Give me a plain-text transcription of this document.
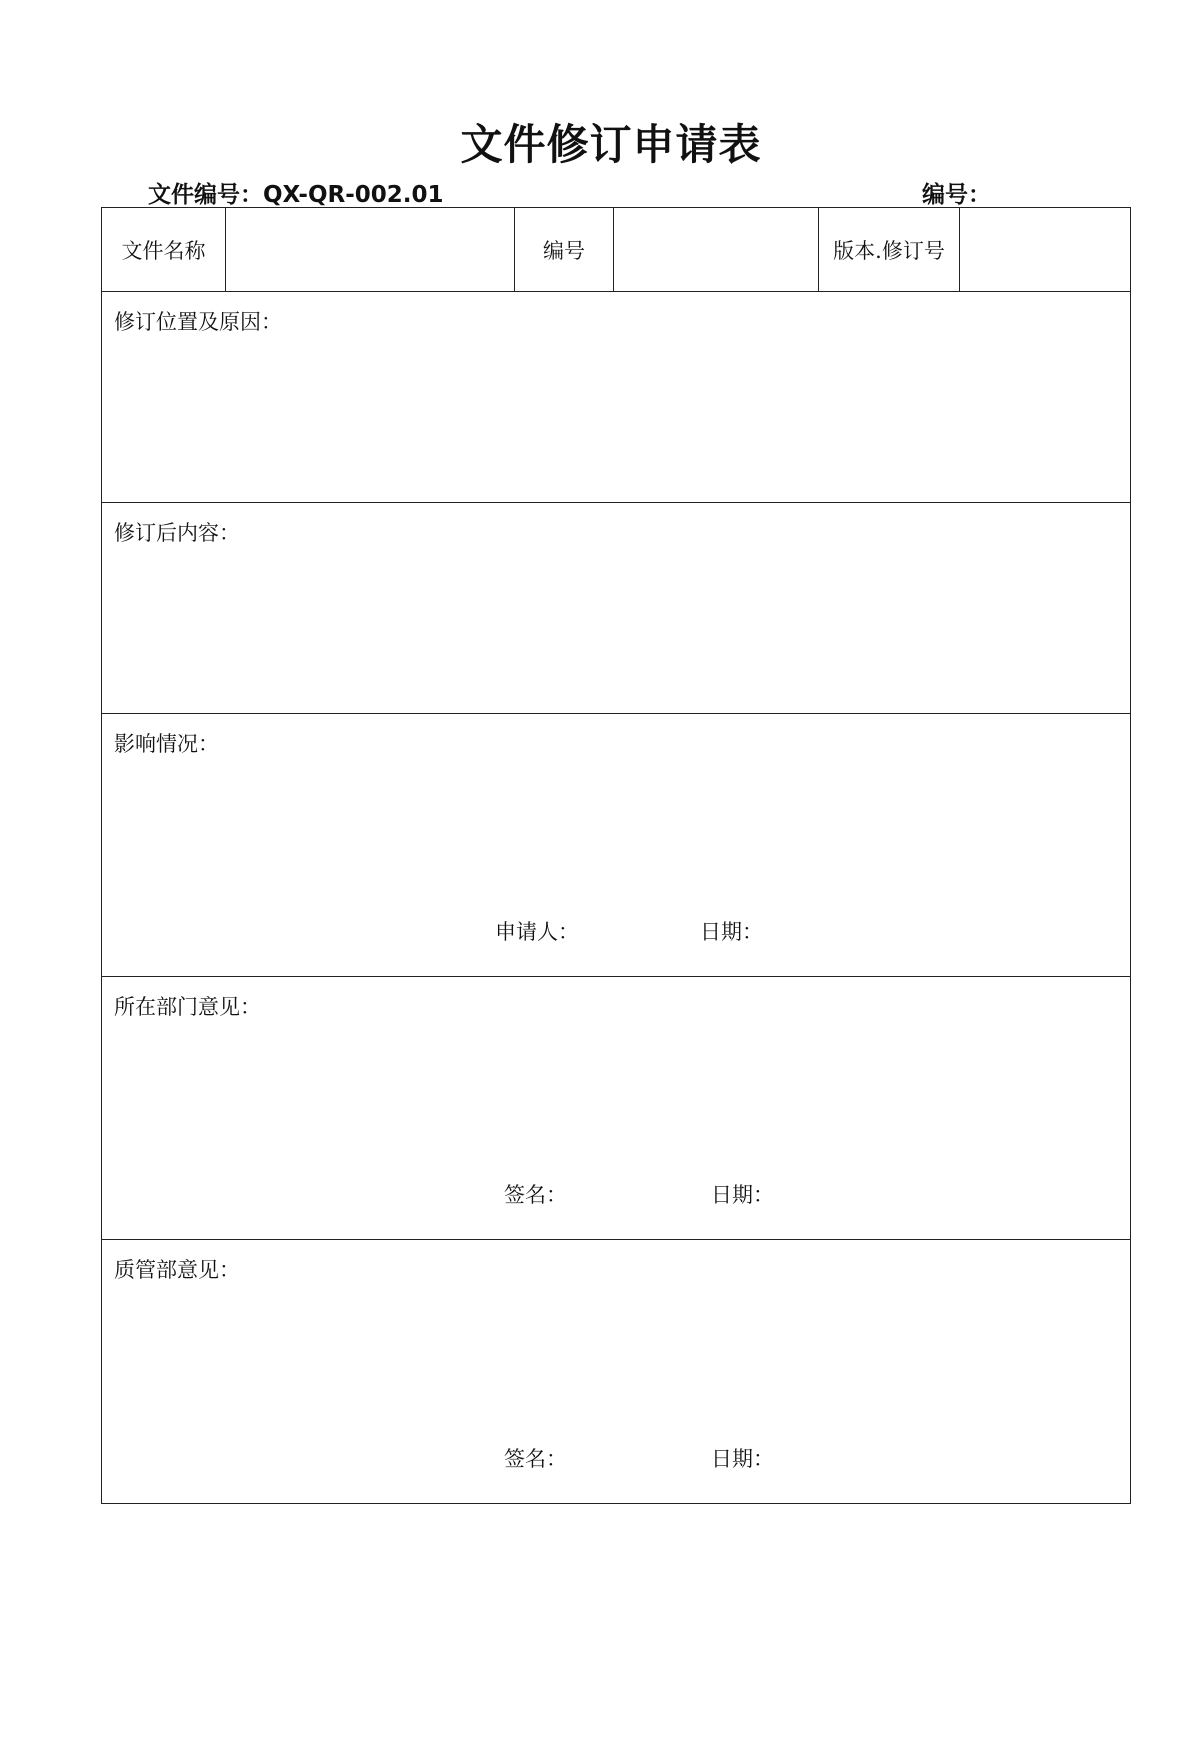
文件修订申请表
文件编号：QX-QR-002.01	编号：
文件名称	编号	版本.修订号
修订位置及原因：
修订后内容：
影响情况：
申请人：	日期：
所在部门意见：
签名：	日期：
质管部意见：
签名：	日期：
